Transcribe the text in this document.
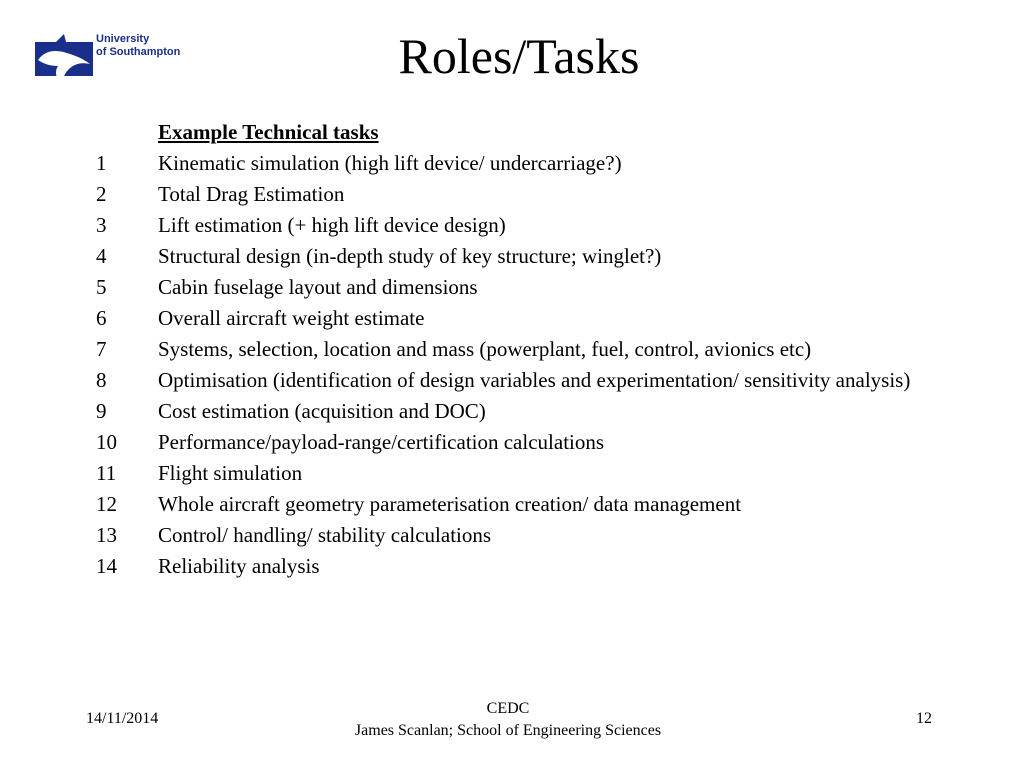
University
of Southampton	Roles/Tasks
Example Technical tasks
1	Kinematic simulation (high lift device/ undercarriage?)
2	Total Drag Estimation
3	Lift estimation (+ high lift device design)
4	Structural design (in-depth study of key structure; winglet?)
5	Cabin fuselage layout and dimensions
6	Overall aircraft weight estimate
7	Systems, selection, location and mass (powerplant, fuel, control, avionics etc)
8	Optimisation (identification of design variables and experimentation/ sensitivity analysis)
9	Cost estimation (acquisition and DOC)
10	Performance/payload-range/certification calculations
11	Flight simulation
12	Whole aircraft geometry parameterisation creation/ data management
13	Control/ handling/ stability calculations
14	Reliability analysis
14/11/2014
CEDC
James Scanlan; School of Engineering Sciences
12
